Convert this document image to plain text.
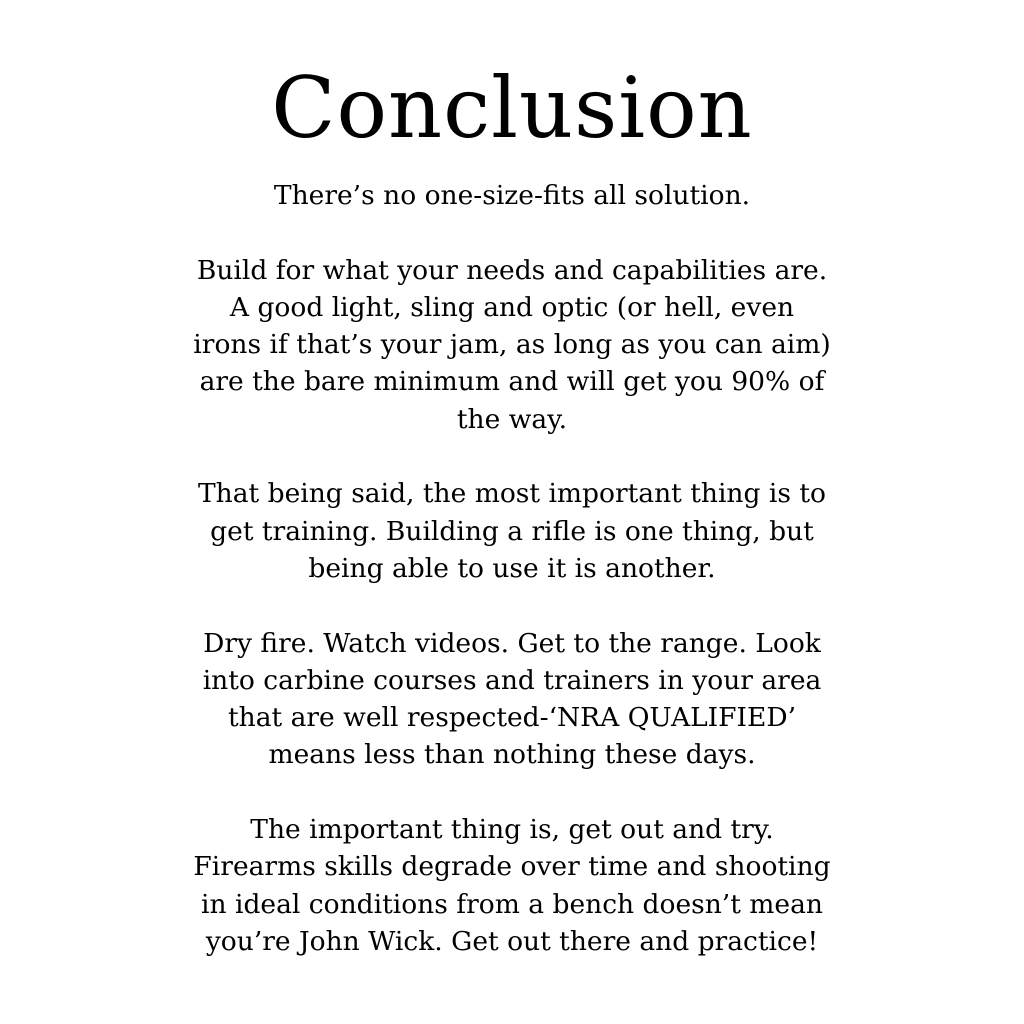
Conclusion

There’s no one-size-fits all solution.

Build for what your needs and capabilities are.
A good light, sling and optic (or hell, even
irons if that’s your jam, as long as you can aim)
are the bare minimum and will get you 90% of
the way.

That being said, the most important thing is to
get training. Building a rifle is one thing, but
being able to use it is another.

Dry fire. Watch videos. Get to the range. Look
into carbine courses and trainers in your area
that are well respected-‘NRA QUALIFIED’
means less than nothing these days.

The important thing is, get out and try.
Firearms skills degrade over time and shooting
in ideal conditions from a bench doesn’t mean
you’re John Wick. Get out there and practice!
